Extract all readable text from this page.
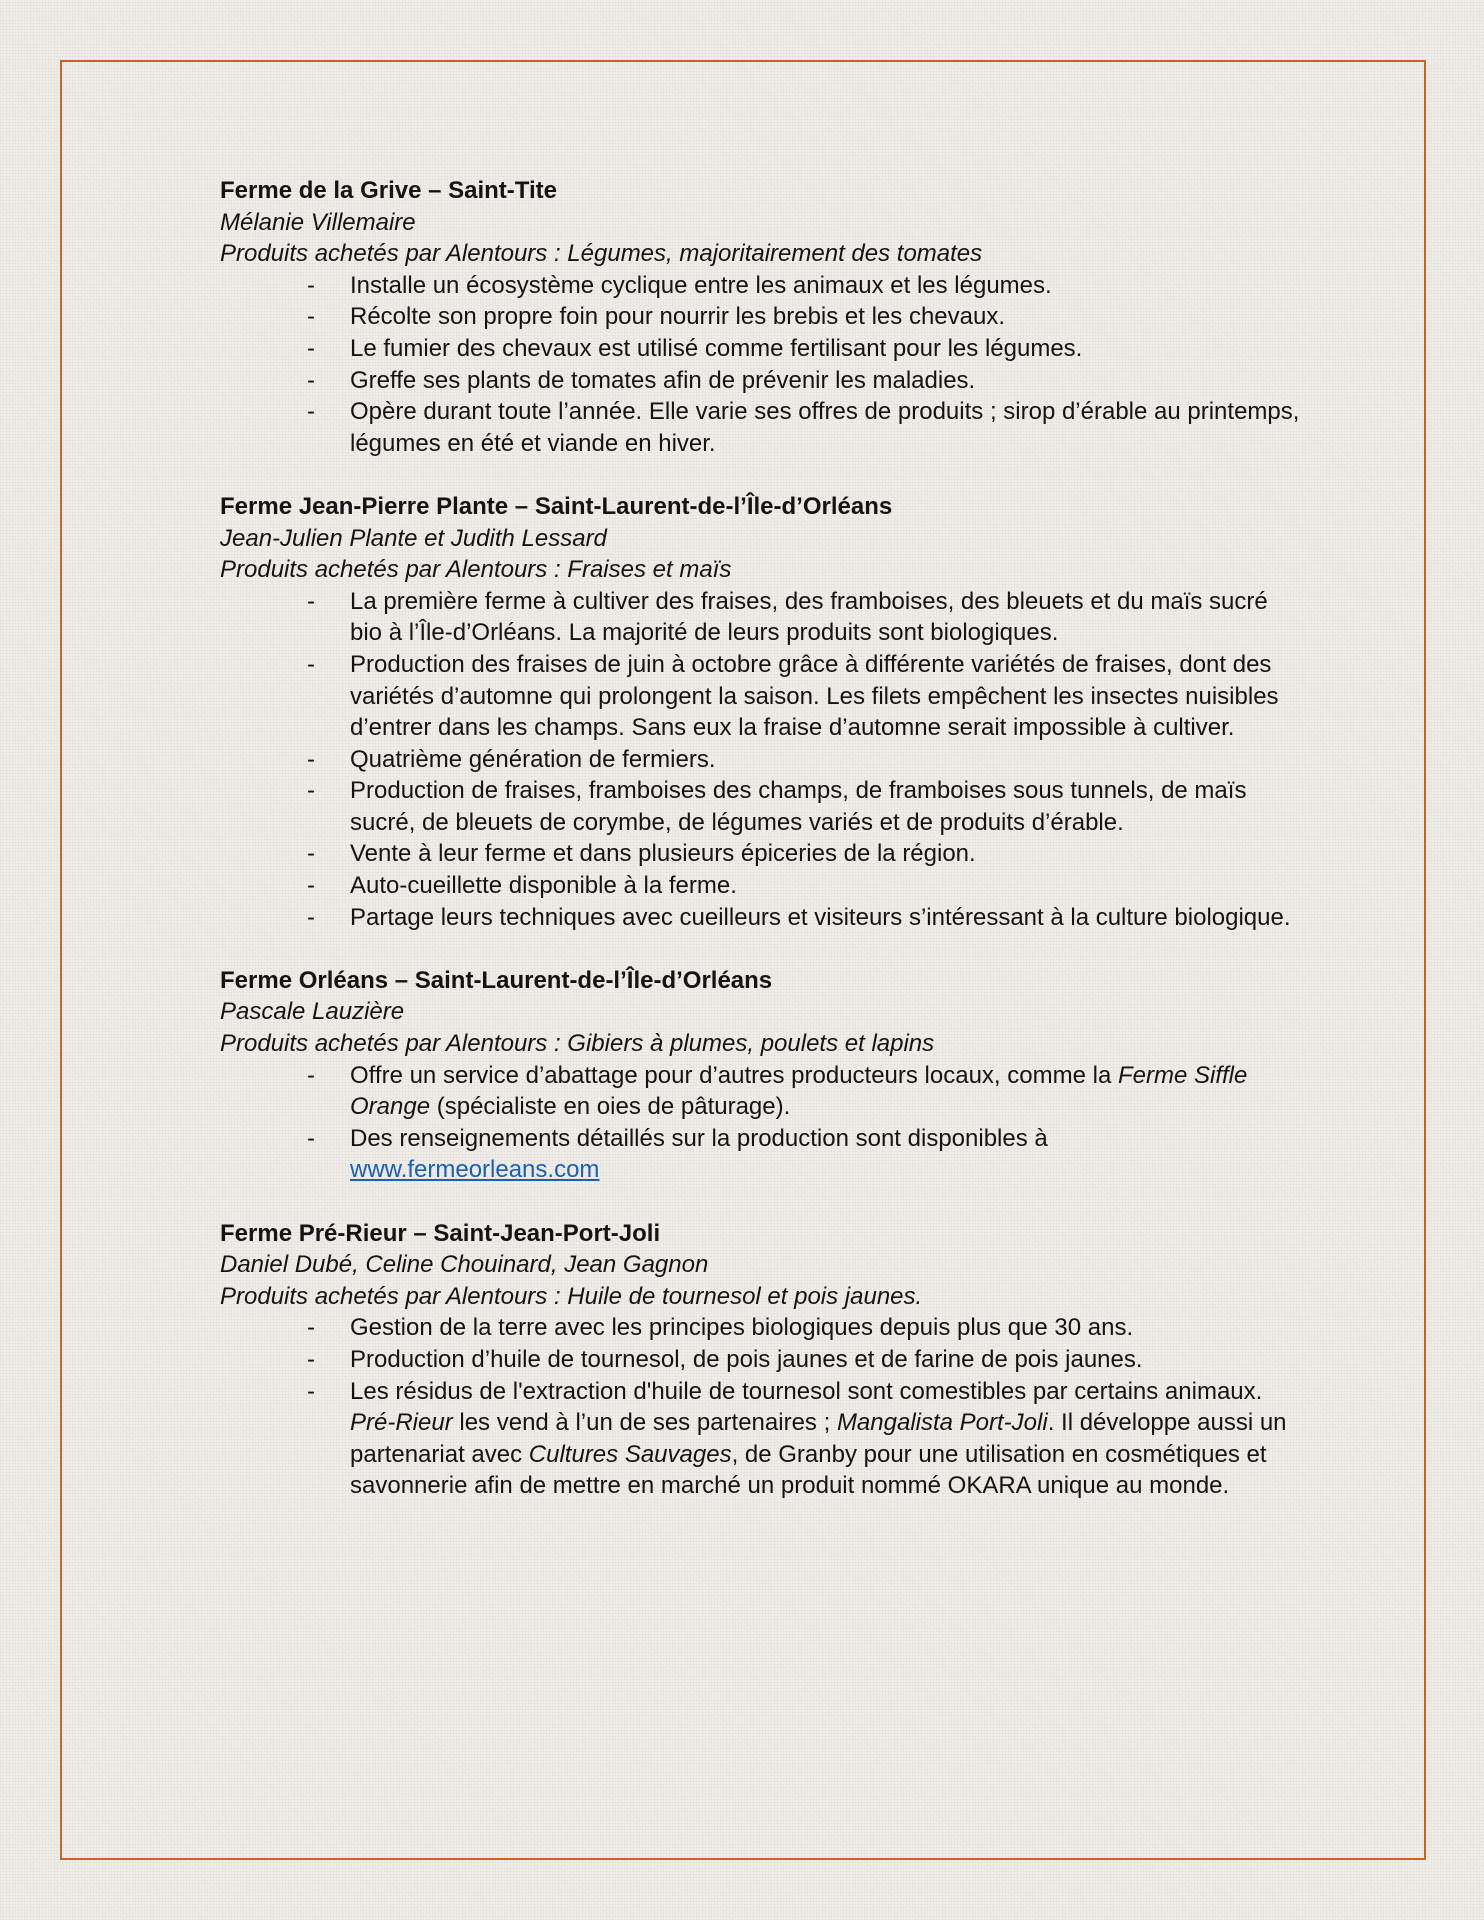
Ferme de la Grive – Saint-Tite

Mélanie Villemaire

Produits achetés par Alentours : Légumes, majoritairement des tomates

- Installe un écosystème cyclique entre les animaux et les légumes.
- Récolte son propre foin pour nourrir les brebis et les chevaux.
- Le fumier des chevaux est utilisé comme fertilisant pour les légumes.
- Greffe ses plants de tomates afin de prévenir les maladies.
- Opère durant toute l’année. Elle varie ses offres de produits ; sirop d’érable au printemps, légumes en été et viande en hiver.

Ferme Jean-Pierre Plante – Saint-Laurent-de-l’Île-d’Orléans

Jean-Julien Plante et Judith Lessard

Produits achetés par Alentours : Fraises et maïs

- La première ferme à cultiver des fraises, des framboises, des bleuets et du maïs sucré bio à l’Île-d’Orléans. La majorité de leurs produits sont biologiques.
- Production des fraises de juin à octobre grâce à différente variétés de fraises, dont des variétés d’automne qui prolongent la saison. Les filets empêchent les insectes nuisibles d’entrer dans les champs. Sans eux la fraise d’automne serait impossible à cultiver.
- Quatrième génération de fermiers.
- Production de fraises, framboises des champs, de framboises sous tunnels, de maïs sucré, de bleuets de corymbe, de légumes variés et de produits d’érable.
- Vente à leur ferme et dans plusieurs épiceries de la région.
- Auto-cueillette disponible à la ferme.
- Partage leurs techniques avec cueilleurs et visiteurs s’intéressant à la culture biologique.

Ferme Orléans – Saint-Laurent-de-l’Île-d’Orléans

Pascale Lauzière

Produits achetés par Alentours : Gibiers à plumes, poulets et lapins

- Offre un service d’abattage pour d’autres producteurs locaux, comme la Ferme Siffle Orange (spécialiste en oies de pâturage).
- Des renseignements détaillés sur la production sont disponibles à www.fermeorleans.com

Ferme Pré-Rieur – Saint-Jean-Port-Joli

Daniel Dubé, Celine Chouinard, Jean Gagnon

Produits achetés par Alentours : Huile de tournesol et pois jaunes.

- Gestion de la terre avec les principes biologiques depuis plus que 30 ans.
- Production d’huile de tournesol, de pois jaunes et de farine de pois jaunes.
- Les résidus de l'extraction d'huile de tournesol sont comestibles par certains animaux. Pré-Rieur les vend à l’un de ses partenaires ; Mangalista Port-Joli. Il développe aussi un partenariat avec Cultures Sauvages, de Granby pour une utilisation en cosmétiques et savonnerie afin de mettre en marché un produit nommé OKARA unique au monde.
